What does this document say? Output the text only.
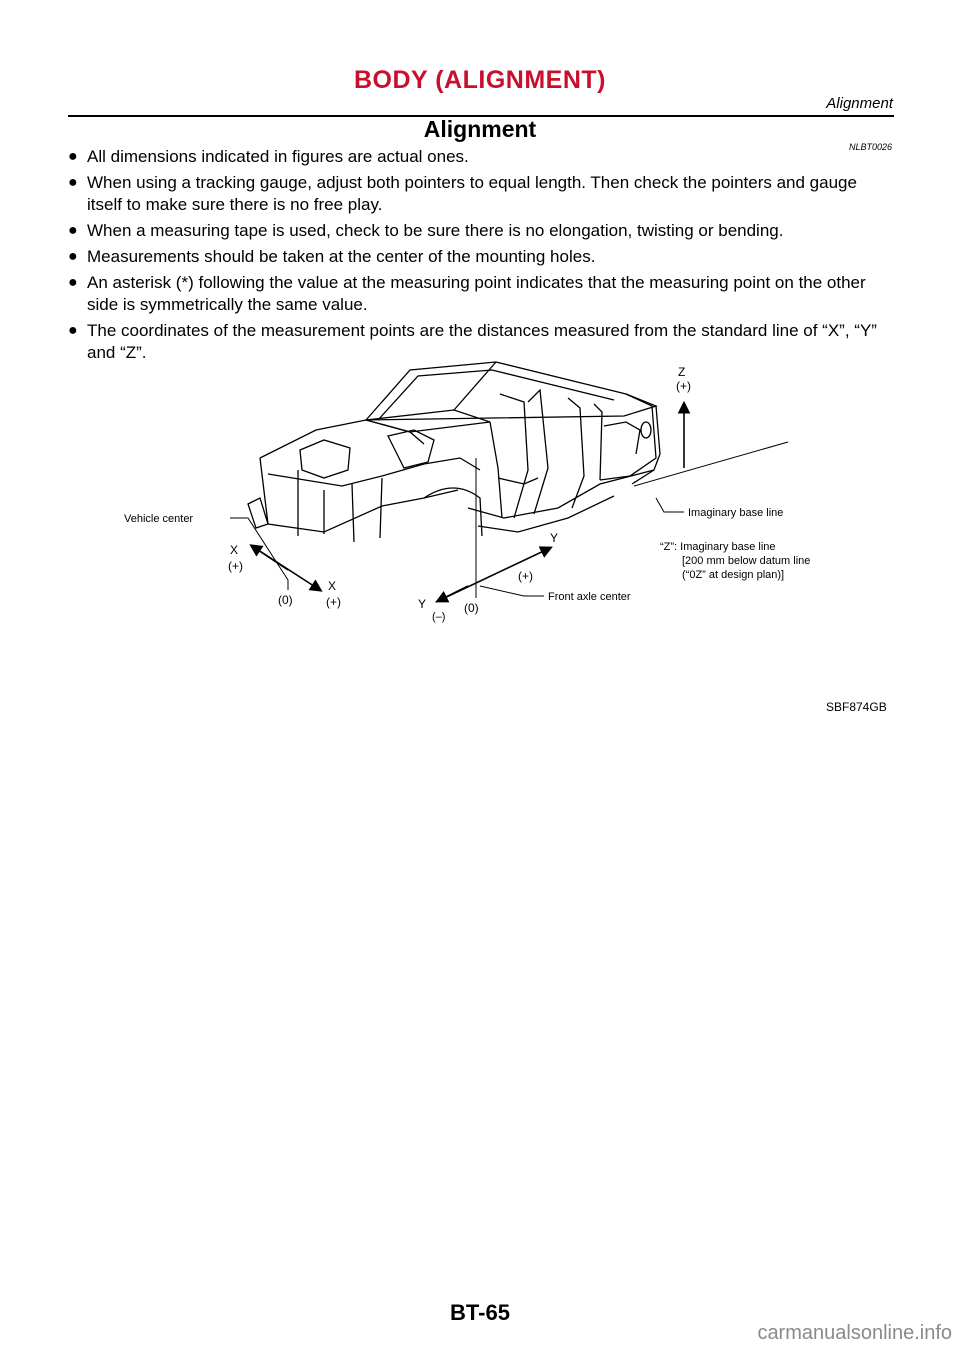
BODY (ALIGNMENT)
Alignment
Alignment
NLBT0026
● All dimensions indicated in figures are actual ones.
● When using a tracking gauge, adjust both pointers to equal length. Then check the pointers and gauge itself to make sure there is no free play.
● When a measuring tape is used, check to be sure there is no elongation, twisting or bending.
● Measurements should be taken at the center of the mounting holes.
● An asterisk (*) following the value at the measuring point indicates that the measuring point on the other side is symmetrically the same value.
● The coordinates of the measurement points are the distances measured from the standard line of “X”, “Y” and “Z”.
Z
(+)
Imaginary base line
Vehicle center
X
(+)
(0)
X
(+)
Y
(+)
Y
(–)
(0)
Front axle center
“Z”: Imaginary base line
[200 mm below datum line
(“0Z” at design plan)]
SBF874GB
BT-65
carmanualsonline.info
